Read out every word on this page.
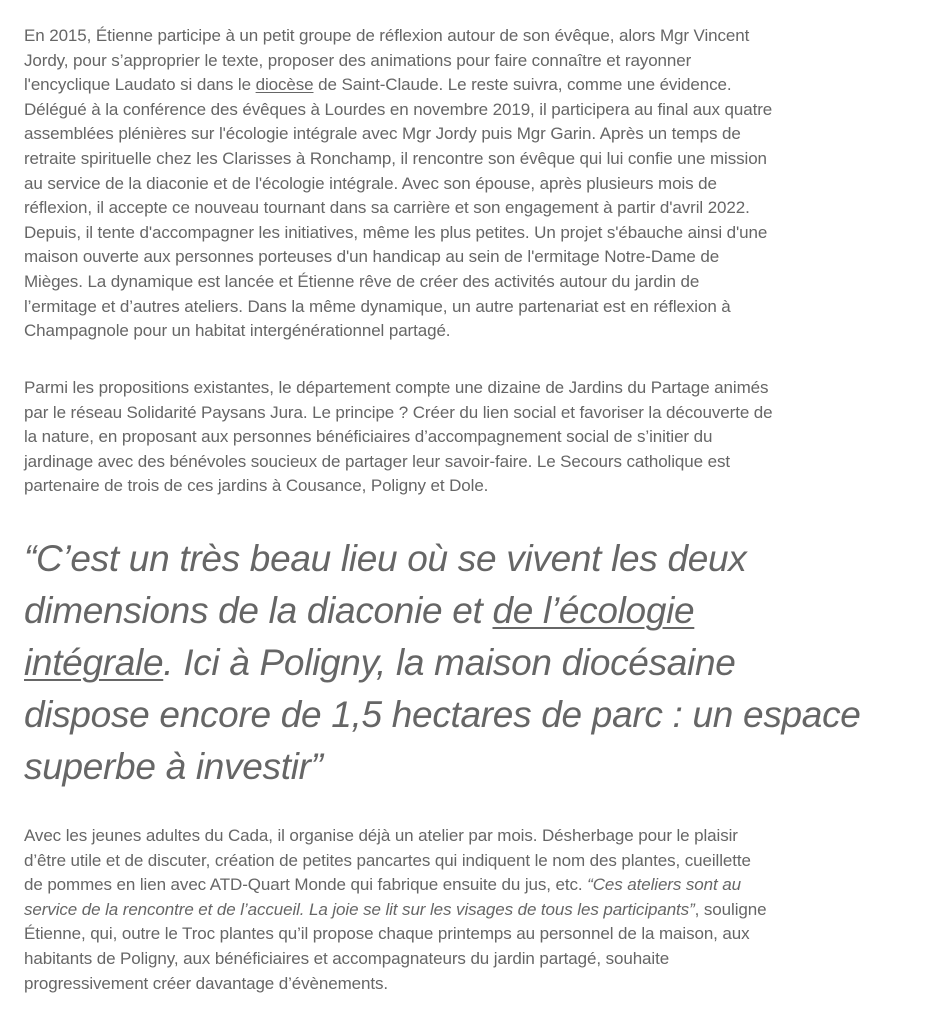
En 2015, Étienne participe à un petit groupe de réflexion autour de son évêque, alors Mgr Vincent
Jordy, pour s’approprier le texte, proposer des animations pour faire connaître et rayonner
l'encyclique Laudato si dans le diocèse de Saint-Claude. Le reste suivra, comme une évidence.
Délégué à la conférence des évêques à Lourdes en novembre 2019, il participera au final aux quatre
assemblées plénières sur l'écologie intégrale avec Mgr Jordy puis Mgr Garin. Après un temps de
retraite spirituelle chez les Clarisses à Ronchamp, il rencontre son évêque qui lui confie une mission
au service de la diaconie et de l'écologie intégrale. Avec son épouse, après plusieurs mois de
réflexion, il accepte ce nouveau tournant dans sa carrière et son engagement à partir d'avril 2022.
Depuis, il tente d'accompagner les initiatives, même les plus petites. Un projet s'ébauche ainsi d'une
maison ouverte aux personnes porteuses d'un handicap au sein de l'ermitage Notre-Dame de
Mièges. La dynamique est lancée et Étienne rêve de créer des activités autour du jardin de
l’ermitage et d’autres ateliers. Dans la même dynamique, un autre partenariat est en réflexion à
Champagnole pour un habitat intergénérationnel partagé.

Parmi les propositions existantes, le département compte une dizaine de Jardins du Partage animés
par le réseau Solidarité Paysans Jura. Le principe ? Créer du lien social et favoriser la découverte de
la nature, en proposant aux personnes bénéficiaires d’accompagnement social de s’initier du
jardinage avec des bénévoles soucieux de partager leur savoir-faire. Le Secours catholique est
partenaire de trois de ces jardins à Cousance, Poligny et Dole.

“C’est un très beau lieu où se vivent les deux
dimensions de la diaconie et de l’écologie
intégrale. Ici à Poligny, la maison diocésaine
dispose encore de 1,5 hectares de parc : un espace
superbe à investir”

Avec les jeunes adultes du Cada, il organise déjà un atelier par mois. Désherbage pour le plaisir
d’être utile et de discuter, création de petites pancartes qui indiquent le nom des plantes, cueillette
de pommes en lien avec ATD-Quart Monde qui fabrique ensuite du jus, etc. “Ces ateliers sont au
service de la rencontre et de l’accueil. La joie se lit sur les visages de tous les participants”, souligne
Étienne, qui, outre le Troc plantes qu’il propose chaque printemps au personnel de la maison, aux
habitants de Poligny, aux bénéficiaires et accompagnateurs du jardin partagé, souhaite
progressivement créer davantage d’évènements.
